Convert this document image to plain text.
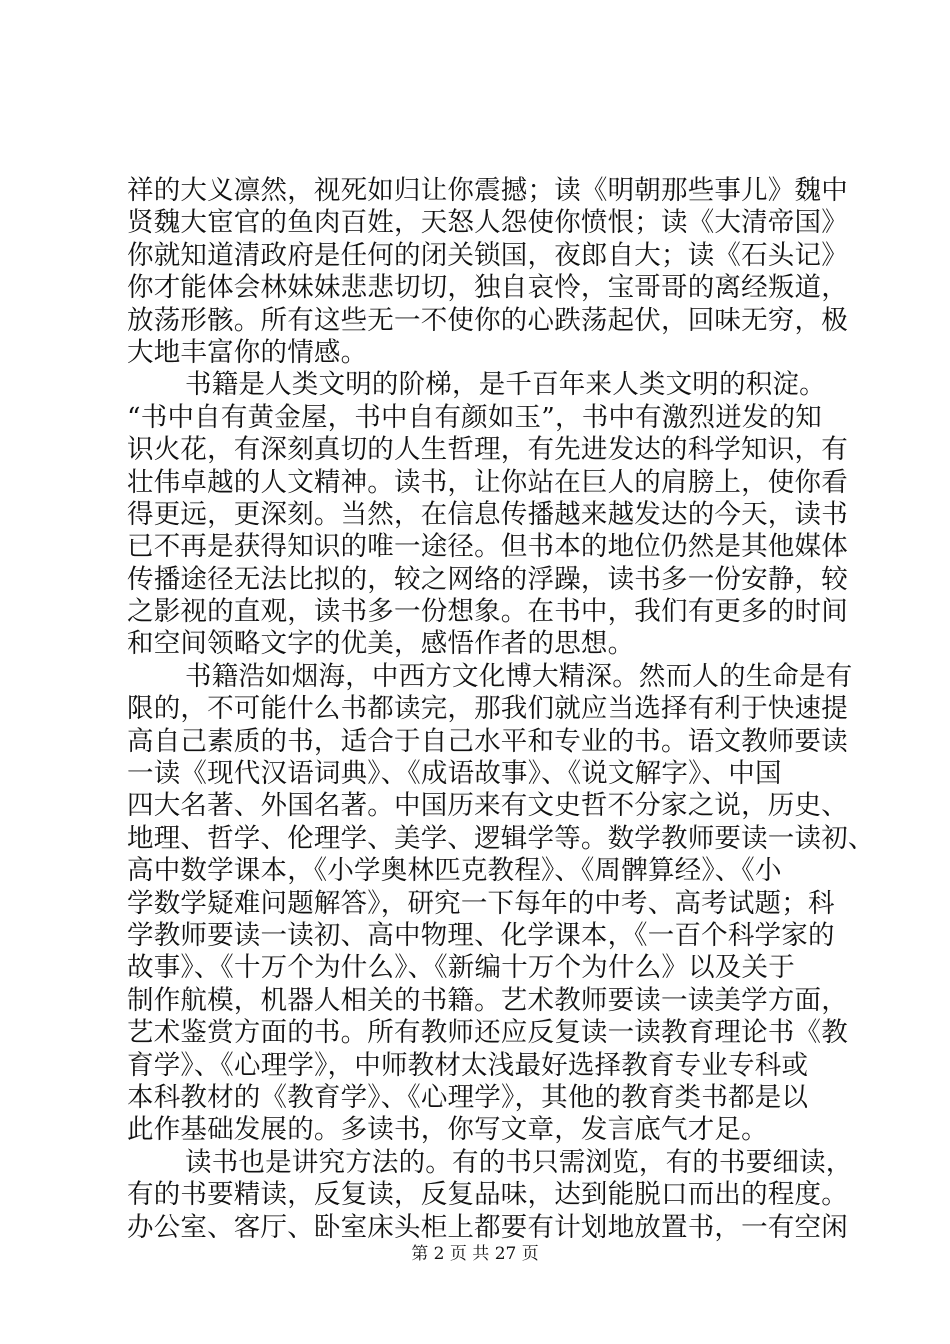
祥的大义凛然，视死如归让你震撼；读《明朝那些事儿》魏中
贤魏大宦官的鱼肉百姓，天怒人怨使你愤恨；读《大清帝国》
你就知道清政府是任何的闭关锁国，夜郎自大；读《石头记》
你才能体会林妹妹悲悲切切，独自哀怜，宝哥哥的离经叛道，
放荡形骸。所有这些无一不使你的心跌荡起伏，回味无穷，极
大地丰富你的情感。
书籍是人类文明的阶梯，是千百年来人类文明的积淀。
“书中自有黄金屋，书中自有颜如玉”，书中有激烈迸发的知
识火花，有深刻真切的人生哲理，有先进发达的科学知识，有
壮伟卓越的人文精神。读书，让你站在巨人的肩膀上，使你看
得更远，更深刻。当然，在信息传播越来越发达的今天，读书
已不再是获得知识的唯一途径。但书本的地位仍然是其他媒体
传播途径无法比拟的，较之网络的浮躁，读书多一份安静，较
之影视的直观，读书多一份想象。在书中，我们有更多的时间
和空间领略文字的优美，感悟作者的思想。
书籍浩如烟海，中西方文化博大精深。然而人的生命是有
限的，不可能什么书都读完，那我们就应当选择有利于快速提
高自己素质的书，适合于自己水平和专业的书。语文教师要读
一读《现代汉语词典》、《成语故事》、《说文解字》、中国
四大名著、外国名著。中国历来有文史哲不分家之说，历史、
地理、哲学、伦理学、美学、逻辑学等。数学教师要读一读初、
高中数学课本，《小学奥林匹克教程》、《周髀算经》、《小
学数学疑难问题解答》，研究一下每年的中考、高考试题；科
学教师要读一读初、高中物理、化学课本，《一百个科学家的
故事》、《十万个为什么》、《新编十万个为什么》以及关于
制作航模，机器人相关的书籍。艺术教师要读一读美学方面，
艺术鉴赏方面的书。所有教师还应反复读一读教育理论书《教
育学》、《心理学》，中师教材太浅最好选择教育专业专科或
本科教材的《教育学》、《心理学》，其他的教育类书都是以
此作基础发展的。多读书，你写文章，发言底气才足。
读书也是讲究方法的。有的书只需浏览，有的书要细读，
有的书要精读，反复读，反复品味，达到能脱口而出的程度。
办公室、客厅、卧室床头柜上都要有计划地放置书，一有空闲
第 2 页 共 27 页
